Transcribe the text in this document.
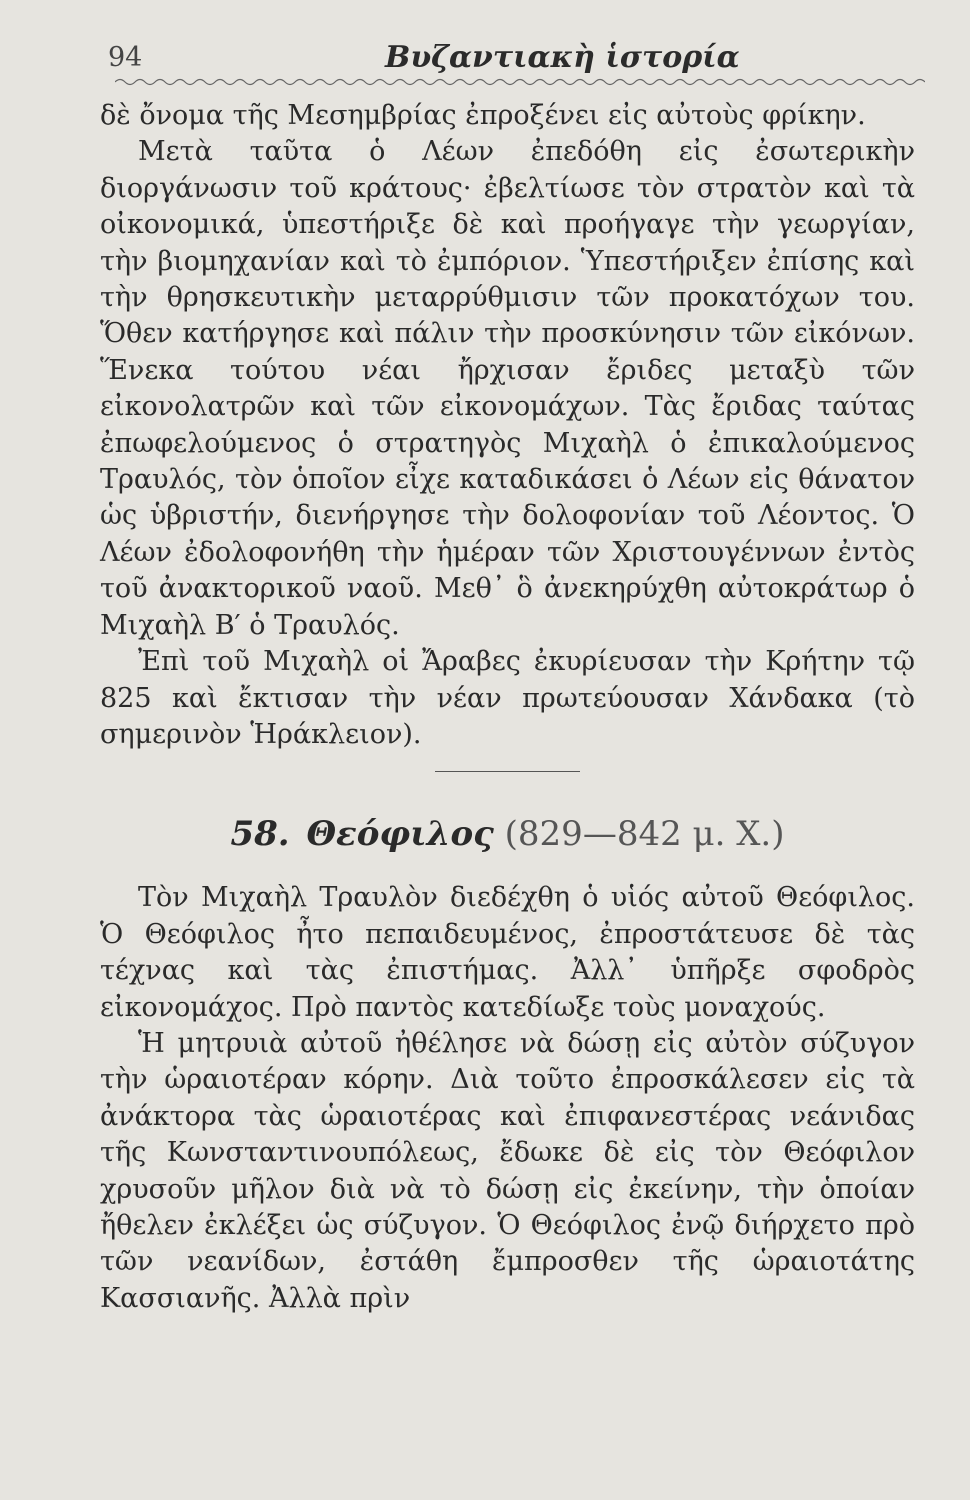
94	Βυζαντιακὴ ἱστορία

δὲ ὄνομα τῆς Μεσημβρίας ἐπροξένει εἰς αὐτοὺς φρίκην.

Μετὰ ταῦτα ὁ Λέων ἐπεδόθη εἰς ἐσωτερικὴν διοργάνωσιν τοῦ κράτους· ἐβελτίωσε τὸν στρατὸν καὶ τὰ οἰκονομικά, ὑπεστήριξε δὲ καὶ προήγαγε τὴν γεωργίαν, τὴν βιομηχανίαν καὶ τὸ ἐμπόριον. Ὑπεστήριξεν ἐπίσης καὶ τὴν θρησκευτικὴν μεταρρύθμισιν τῶν προκατόχων του. Ὅθεν κατήργησε καὶ πάλιν τὴν προσκύνησιν τῶν εἰκόνων. Ἕνεκα τούτου νέαι ἤρχισαν ἔριδες μεταξὺ τῶν εἰκονολατρῶν καὶ τῶν εἰκονομάχων. Τὰς ἔριδας ταύτας ἐπωφελούμενος ὁ στρατηγὸς Μιχαὴλ ὁ ἐπικαλούμενος Τραυλός, τὸν ὁποῖον εἶχε καταδικάσει ὁ Λέων εἰς θάνατον ὡς ὑβριστήν, διενήργησε τὴν δολοφονίαν τοῦ Λέοντος. Ὁ Λέων ἐδολοφονήθη τὴν ἡμέραν τῶν Χριστουγέννων ἐντὸς τοῦ ἀνακτορικοῦ ναοῦ. Μεθ᾿ ὃ ἀνεκηρύχθη αὐτοκράτωρ ὁ Μιχαὴλ Β′ ὁ Τραυλός.

Ἐπὶ τοῦ Μιχαὴλ οἱ Ἄραβες ἐκυρίευσαν τὴν Κρήτην τῷ 825 καὶ ἔκτισαν τὴν νέαν πρωτεύουσαν Χάνδακα (τὸ σημερινὸν Ἡράκλειον).

58. Θεόφιλος (829—842 μ. Χ.)

Τὸν Μιχαὴλ Τραυλὸν διεδέχθη ὁ υἱός αὐτοῦ Θεόφιλος. Ὁ Θεόφιλος ἦτο πεπαιδευμένος, ἐπροστάτευσε δὲ τὰς τέχνας καὶ τὰς ἐπιστήμας. Ἀλλ᾿ ὑπῆρξε σφοδρὸς εἰκονομάχος. Πρὸ παντὸς κατεδίωξε τοὺς μοναχούς.

Ἡ μητρυιὰ αὐτοῦ ἠθέλησε νὰ δώσῃ εἰς αὐτὸν σύζυγον τὴν ὡραιοτέραν κόρην. Διὰ τοῦτο ἐπροσκάλεσεν εἰς τὰ ἀνάκτορα τὰς ὡραιοτέρας καὶ ἐπιφανεστέρας νεάνιδας τῆς Κωνσταντινουπόλεως, ἔδωκε δὲ εἰς τὸν Θεόφιλον χρυσοῦν μῆλον διὰ νὰ τὸ δώσῃ εἰς ἐκείνην, τὴν ὁποίαν ἤθελεν ἐκλέξει ὡς σύζυγον. Ὁ Θεόφιλος ἐνῷ διήρχετο πρὸ τῶν νεανίδων, ἐστάθη ἔμπροσθεν τῆς ὡραιοτάτης Κασσιανῆς. Ἀλλὰ πρὶν
